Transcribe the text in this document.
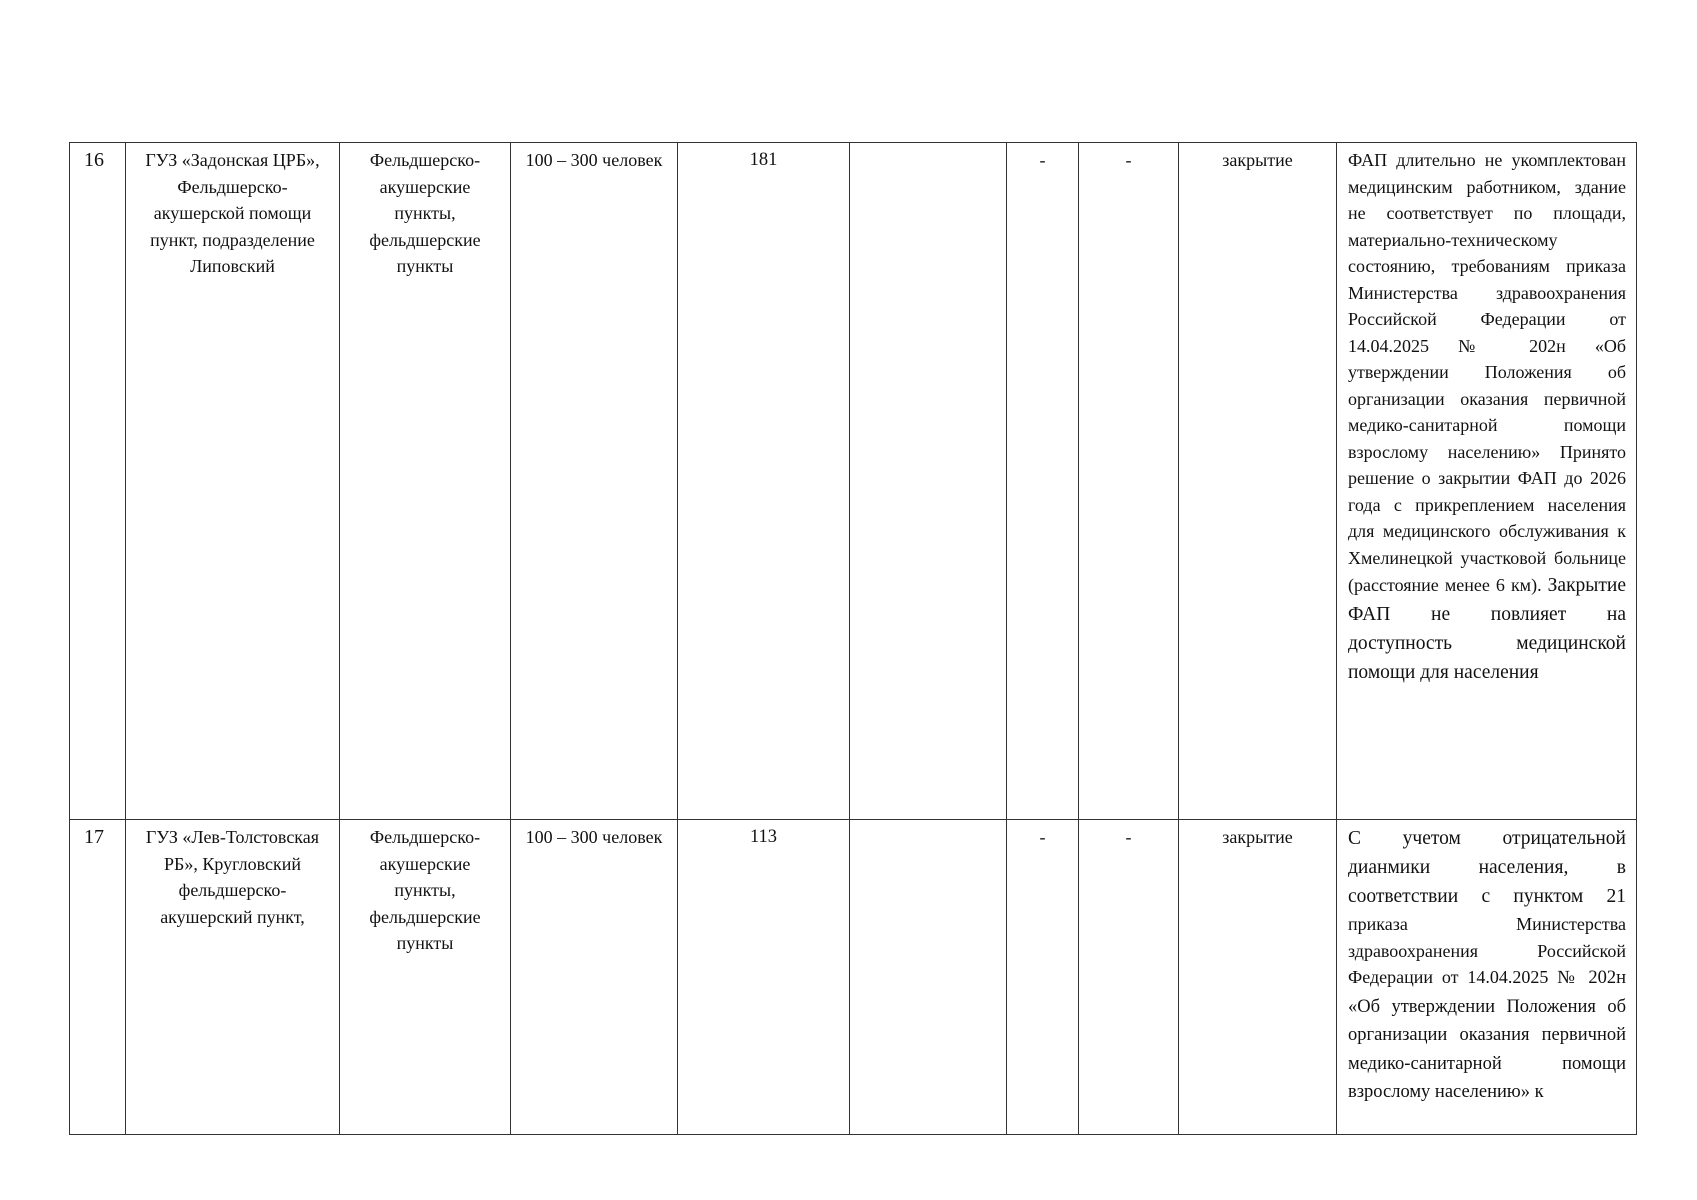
16	ГУЗ «Задонская ЦРБ», Фельдшерско-акушерской помощи пункт, подразделение Липовский	Фельдшерско-акушерские пункты, фельдшерские пункты	100 – 300 человек	181		-	-	закрытие	ФАП длительно не укомплектован медицинским работником, здание не соответствует по площади, материально-техническому состоянию, требованиям приказа Министерства здравоохранения Российской Федерации от 14.04.2025 № 202н «Об утверждении Положения об организации оказания первичной медико-санитарной помощи взрослому населению» Принято решение о закрытии ФАП до 2026 года с прикреплением населения для медицинского обслуживания к Хмелинецкой участковой больнице (расстояние менее 6 км). Закрытие ФАП не повлияет на доступность медицинской помощи для населения
17	ГУЗ «Лев-Толстовская РБ», Кругловский фельдшерско-акушерский пункт,	Фельдшерско-акушерские пункты, фельдшерские пункты	100 – 300 человек	113		-	-	закрытие	С учетом отрицательной дианмики населения, в соответствии с пунктом 21 приказа Министерства здравоохранения Российской Федерации от 14.04.2025 № 202н «Об утверждении Положения об организации оказания первичной медико-санитарной помощи взрослому населению» к
